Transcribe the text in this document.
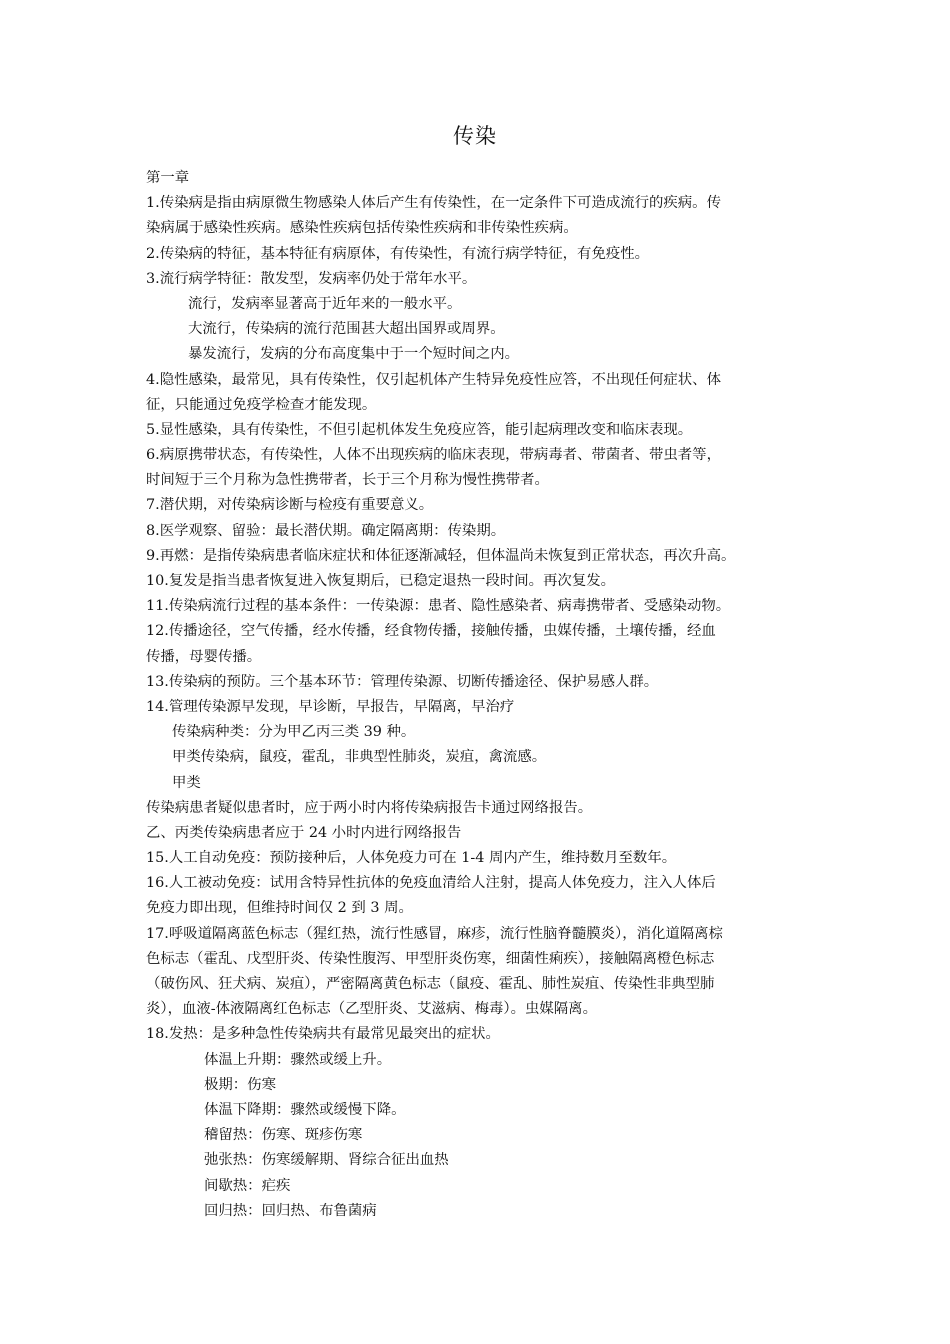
传染
第一章
1.传染病是指由病原微生物感染人体后产生有传染性，在一定条件下可造成流行的疾病。传
染病属于感染性疾病。感染性疾病包括传染性疾病和非传染性疾病。
2.传染病的特征，基本特征有病原体，有传染性，有流行病学特征，有免疫性。
3.流行病学特征：散发型，发病率仍处于常年水平。
流行，发病率显著高于近年来的一般水平。
大流行，传染病的流行范围甚大超出国界或周界。
暴发流行，发病的分布高度集中于一个短时间之内。
4.隐性感染，最常见，具有传染性，仅引起机体产生特异免疫性应答，不出现任何症状、体
征，只能通过免疫学检查才能发现。
5.显性感染，具有传染性，不但引起机体发生免疫应答，能引起病理改变和临床表现。
6.病原携带状态，有传染性，人体不出现疾病的临床表现，带病毒者、带菌者、带虫者等，
时间短于三个月称为急性携带者，长于三个月称为慢性携带者。
7.潜伏期，对传染病诊断与检疫有重要意义。
8.医学观察、留验：最长潜伏期。确定隔离期：传染期。
9.再燃：是指传染病患者临床症状和体征逐渐减轻，但体温尚未恢复到正常状态，再次升高。
10.复发是指当患者恢复进入恢复期后，已稳定退热一段时间。再次复发。
11.传染病流行过程的基本条件：一传染源：患者、隐性感染者、病毒携带者、受感染动物。
12.传播途径，空气传播，经水传播，经食物传播，接触传播，虫媒传播，土壤传播，经血
传播，母婴传播。
13.传染病的预防。三个基本环节：管理传染源、切断传播途径、保护易感人群。
14.管理传染源早发现，早诊断，早报告，早隔离，早治疗
传染病种类：分为甲乙丙三类 39 种。
甲类传染病，鼠疫，霍乱，非典型性肺炎，炭疽，禽流感。
甲类
传染病患者疑似患者时，应于两小时内将传染病报告卡通过网络报告。
乙、丙类传染病患者应于 24 小时内进行网络报告
15.人工自动免疫：预防接种后，人体免疫力可在 1-4 周内产生，维持数月至数年。
16.人工被动免疫：试用含特异性抗体的免疫血清给人注射，提高人体免疫力，注入人体后
免疫力即出现，但维持时间仅 2 到 3 周。
17.呼吸道隔离蓝色标志（猩红热，流行性感冒，麻疹，流行性脑脊髓膜炎），消化道隔离棕
色标志（霍乱、戊型肝炎、传染性腹泻、甲型肝炎伤寒，细菌性痢疾），接触隔离橙色标志
（破伤风、狂犬病、炭疽），严密隔离黄色标志（鼠疫、霍乱、肺性炭疽、传染性非典型肺
炎），血液-体液隔离红色标志（乙型肝炎、艾滋病、梅毒）。虫媒隔离。
18.发热：是多种急性传染病共有最常见最突出的症状。
体温上升期：骤然或缓上升。
极期：伤寒
体温下降期：骤然或缓慢下降。
稽留热：伤寒、斑疹伤寒
弛张热：伤寒缓解期、肾综合征出血热
间歇热：疟疾
回归热：回归热、布鲁菌病
